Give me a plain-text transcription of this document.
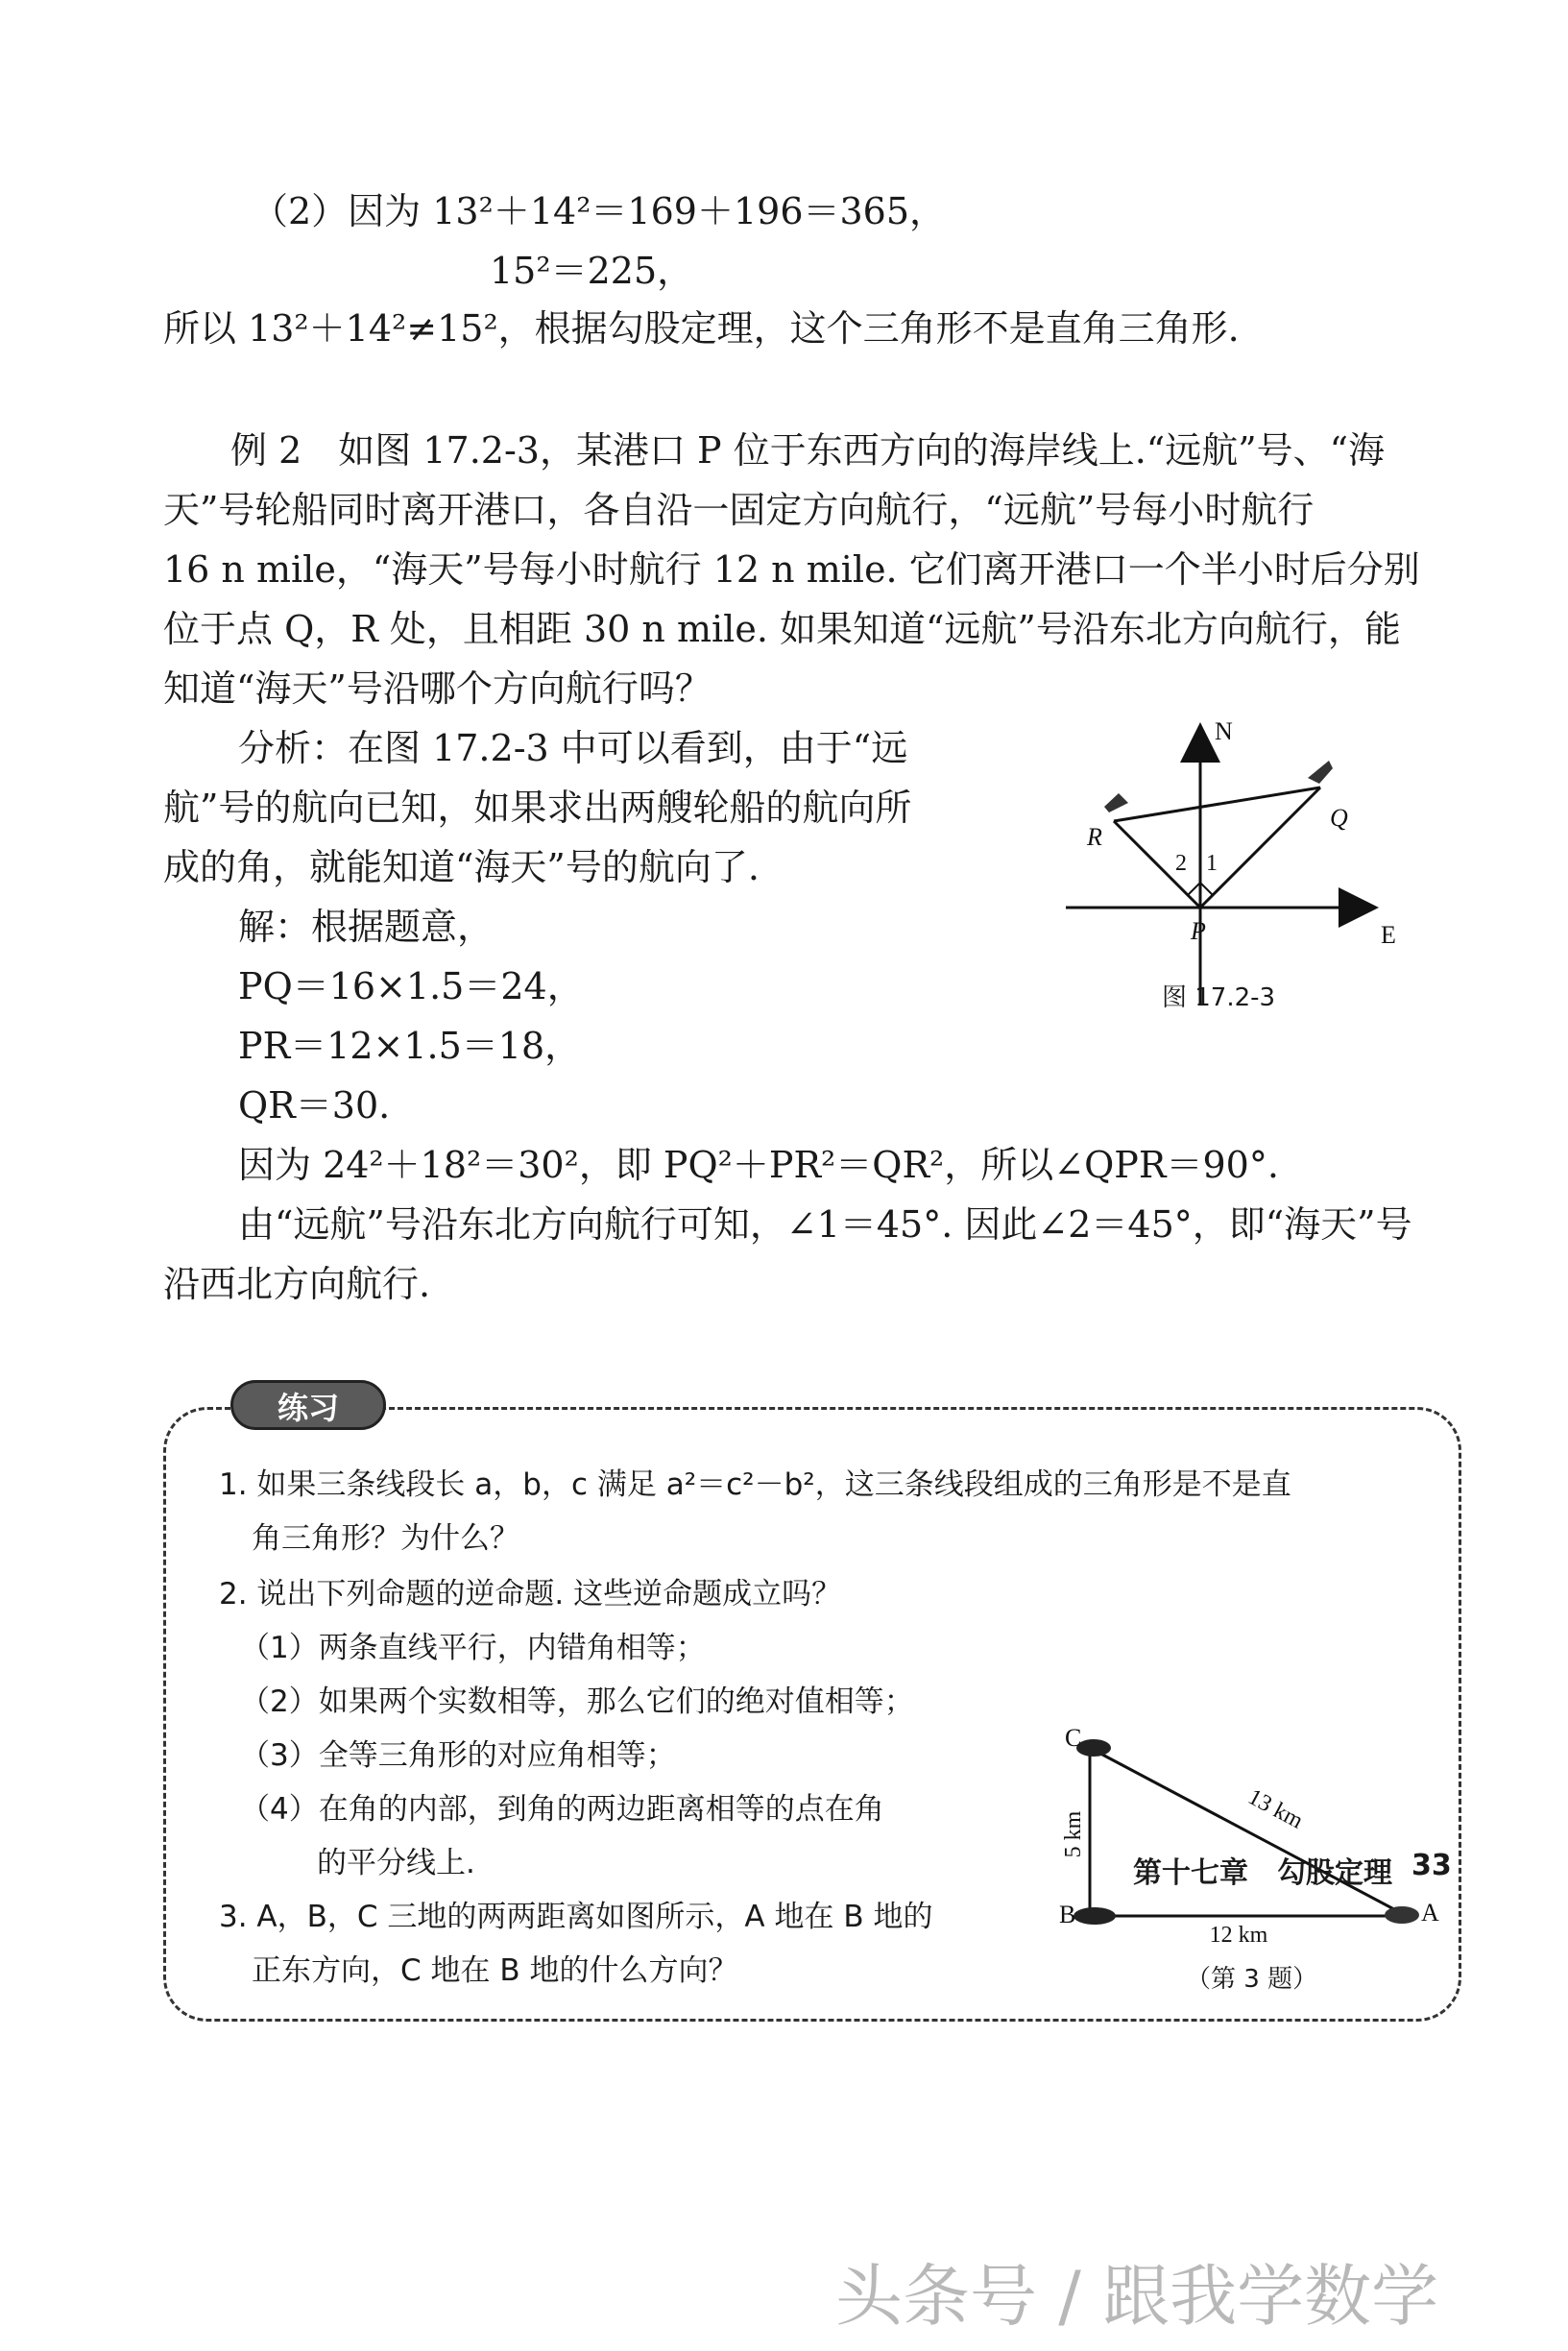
（2）因为 13²＋14²＝169＋196＝365，
15²＝225，
所以 13²＋14²≠15²，根据勾股定理，这个三角形不是直角三角形.
例 2　如图 17.2-3，某港口 P 位于东西方向的海岸线上.“远航”号、“海
天”号轮船同时离开港口，各自沿一固定方向航行，“远航”号每小时航行
16 n mile，“海天”号每小时航行 12 n mile. 它们离开港口一个半小时后分别
位于点 Q，R 处，且相距 30 n mile. 如果知道“远航”号沿东北方向航行，能
知道“海天”号沿哪个方向航行吗？
分析：在图 17.2-3 中可以看到，由于“远
航”号的航向已知，如果求出两艘轮船的航向所
成的角，就能知道“海天”号的航向了.
解：根据题意，
PQ＝16×1.5＝24，
PR＝12×1.5＝18，
QR＝30.
因为 24²＋18²＝30²，即 PQ²＋PR²＝QR²，所以∠QPR＝90°.
由“远航”号沿东北方向航行可知，∠1＝45°. 因此∠2＝45°，即“海天”号
沿西北方向航行.
N
E
P
Q
R
2 1
图 17.2-3
练习
1. 如果三条线段长 a，b，c 满足 a²＝c²－b²，这三条线段组成的三角形是不是直
角三角形？为什么？
2. 说出下列命题的逆命题. 这些逆命题成立吗？
（1）两条直线平行，内错角相等；
（2）如果两个实数相等，那么它们的绝对值相等；
（3）全等三角形的对应角相等；
（4）在角的内部，到角的两边距离相等的点在角
的平分线上.
3. A，B，C 三地的两两距离如图所示，A 地在 B 地的
正东方向，C 地在 B 地的什么方向？
C
B	A
5 km
12 km
13 km
（第 3 题）
第十七章　勾股定理 33
头条号 / 跟我学数学
